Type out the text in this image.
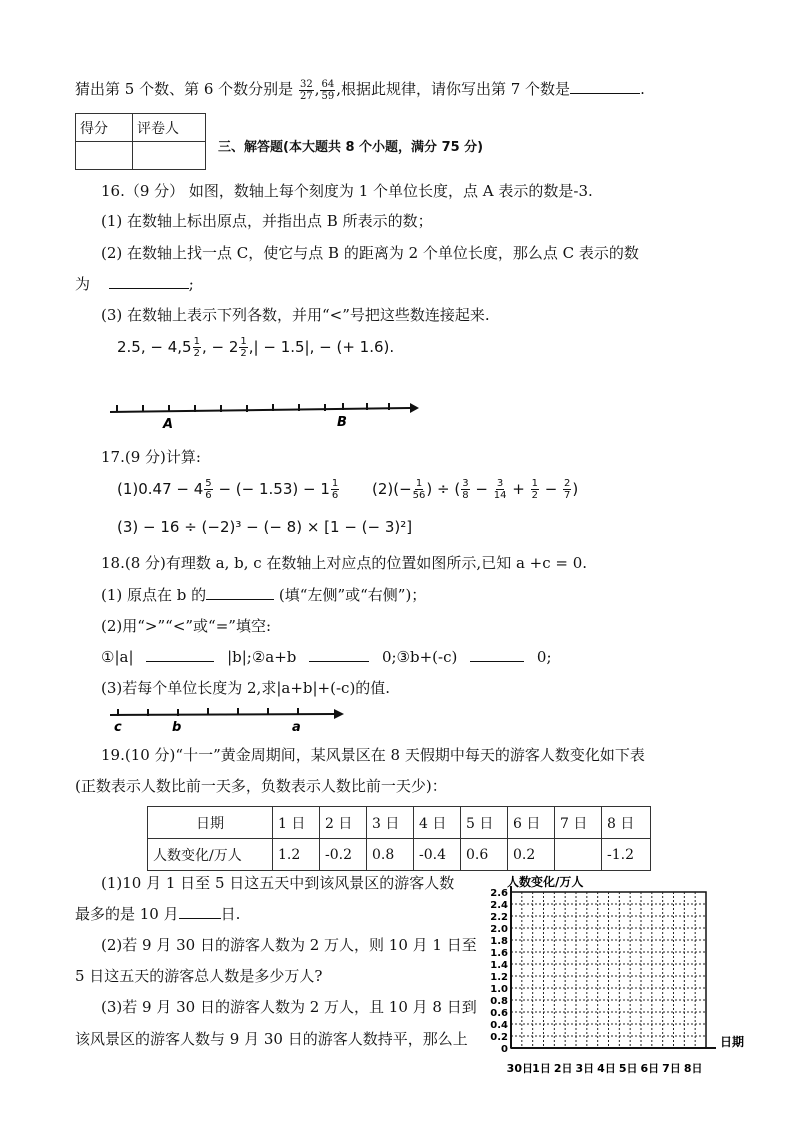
猜出第 5 个数、第 6 个数分别是 $\frac{32}{27}$ , $\frac{64}{59}$ ,根据此规律，请你写出第 7 个数是	.
得分	评卷人

三、解答题(本大题共 8 个小题，满分 75 分)
16.（9 分） 如图，数轴上每个刻度为 1 个单位长度，点 A 表示的数是-3.
(1) 在数轴上标出原点，并指出点 B 所表示的数；
(2) 在数轴上找一点 C，使它与点 B 的距离为 2 个单位长度，那么点 C 表示的数
为	;
(3) 在数轴上表示下列各数，并用“<”号把这些数连接起来.
2.5, − $4,5 \frac{1}{2}$ , − $2 \frac{1}{2}$ ,| − 1.5|, − (+ 1.6).
A	B
17.(9 分)计算:
$(1)0.47 - 4 \frac{5}{6}$ − (− $1.53) - 1 \frac{1}{6} (2)(- \frac{1}{56}$ ) ÷ ( $\frac{3}{8} - \frac{3}{14} + \frac{1}{2} - \frac{2}{7}$ )
(3) − 16 ÷ (−2)³ − (− 8) × [1 − (− 3)²]
18.(8 分)有理数 a, b, c 在数轴上对应点的位置如图所示,已知 a +c = 0.
(1) 原点在 b 的	(填“左侧”或“右侧”)；
(2)用“>”“<”或“=”填空:
①|a|	|b|;②a+b	0;③b+(-c)	0;
(3)若每个单位长度为 2,求|a+b|+(-c)的值.
c	b	a
19.(10 分)“十一”黄金周期间，某风景区在 8 天假期中每天的游客人数变化如下表
(正数表示人数比前一天多，负数表示人数比前一天少)：
日期	1 日	2 日	3 日	4 日	5 日	6 日	7 日	8 日
人数变化/万人	1.2	-0.2	0.8	-0.4	0.6	0.2		-1.2
(1)10 月 1 日至 5 日这五天中到该风景区的游客人数
最多的是 10 月	日.
(2)若 9 月 30 日的游客人数为 2 万人，则 10 月 1 日至
5 日这五天的游客总人数是多少万人?
(3)若 9 月 30 日的游客人数为 2 万人，且 10 月 8 日到
该风景区的游客人数与 9 月 30 日的游客人数持平，那么上
0
0.2
0.4
0.6
0.8
1.0
1.2
1.4
1.6
1.8
2.0
2.2
2.4
2.6
30日 1日 2日 3日 4日 5日 6日 7日 8日
人数变化/万人
日期
